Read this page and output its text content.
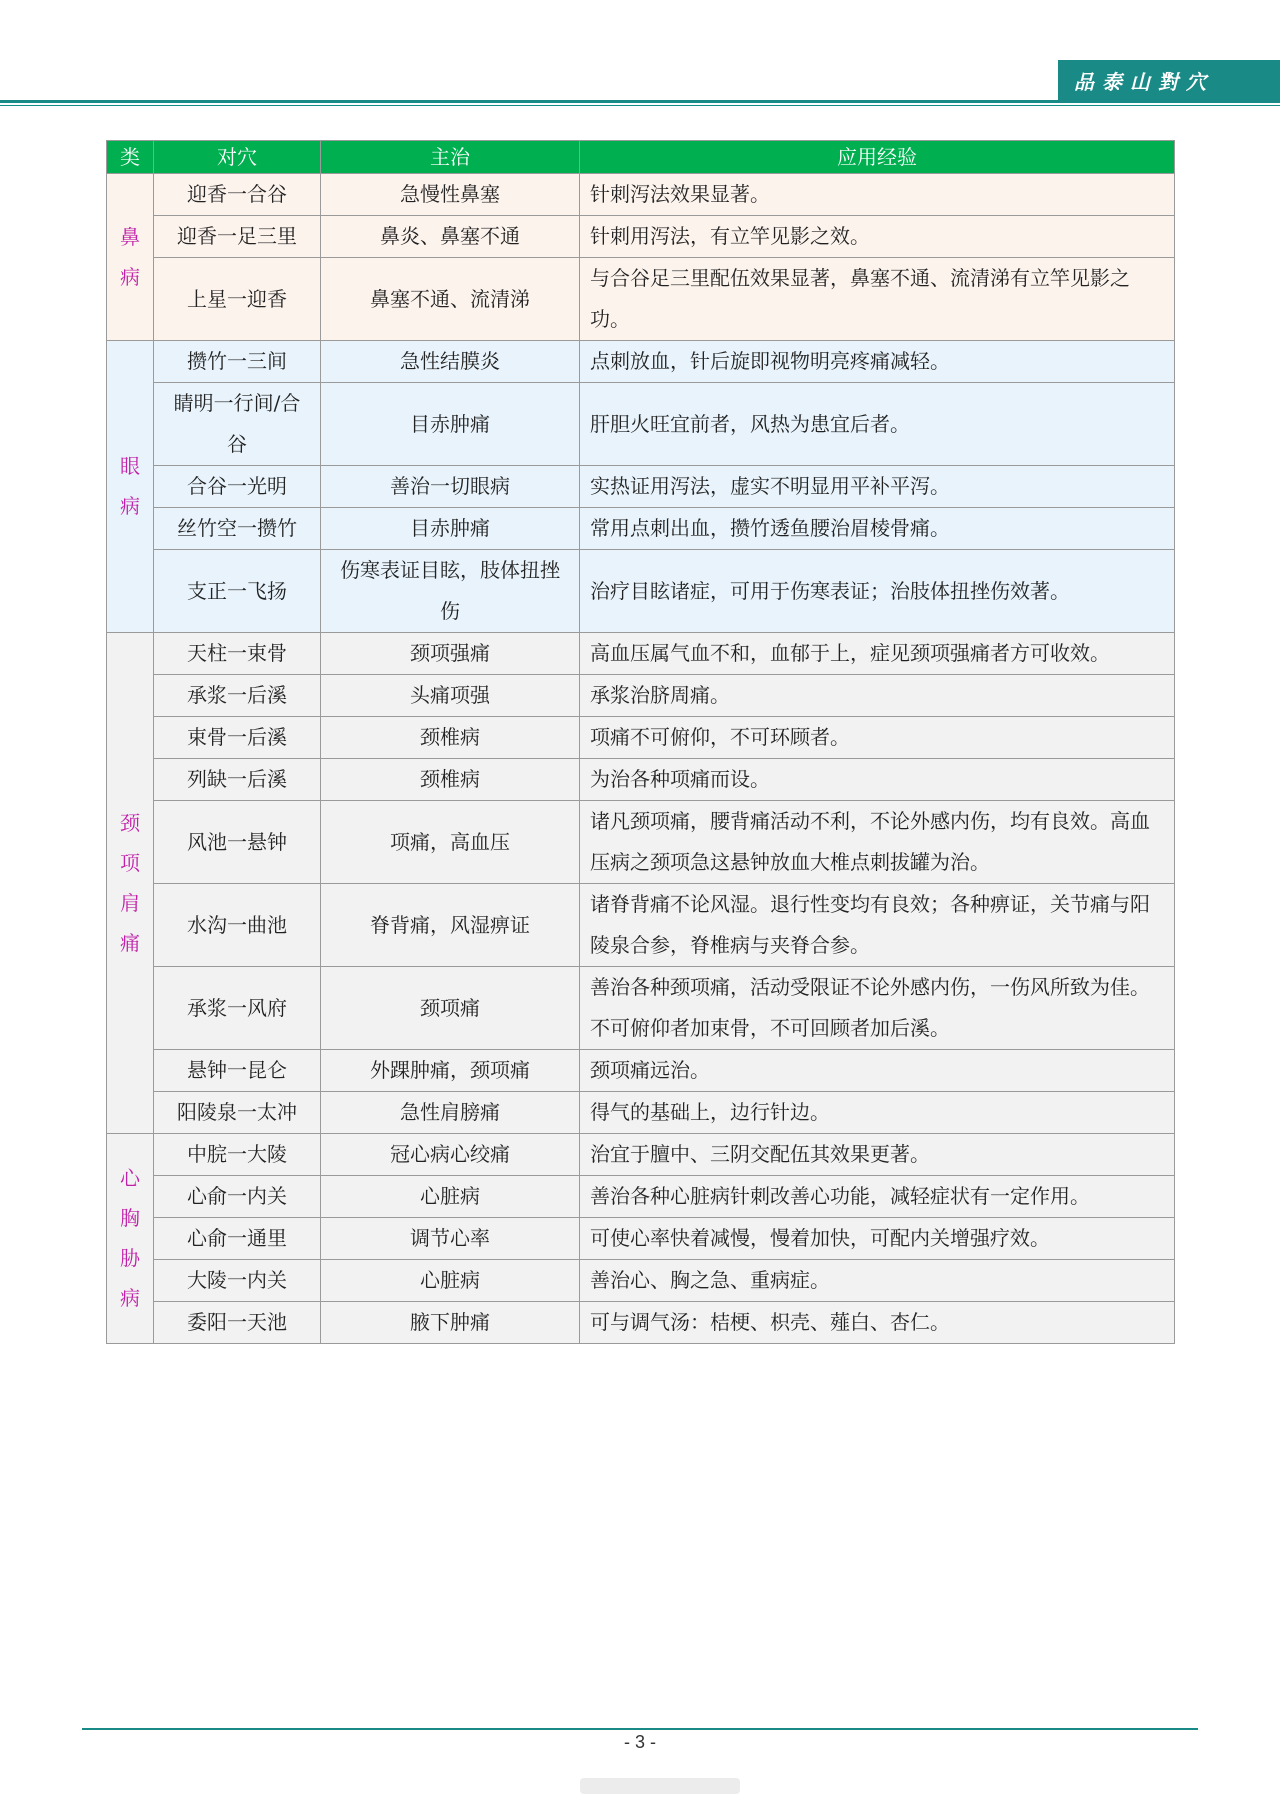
品泰山對穴
类	对穴	主治	应用经验
鼻病	迎香一合谷	急慢性鼻塞	针刺泻法效果显著。
	迎香一足三里	鼻炎、鼻塞不通	针刺用泻法，有立竿见影之效。
	上星一迎香	鼻塞不通、流清涕	与合谷足三里配伍效果显著，鼻塞不通、流清涕有立竿见影之功。
眼病	攒竹一三间	急性结膜炎	点刺放血，针后旋即视物明亮疼痛减轻。
	睛明一行间/合谷	目赤肿痛	肝胆火旺宜前者，风热为患宜后者。
	合谷一光明	善治一切眼病	实热证用泻法，虚实不明显用平补平泻。
	丝竹空一攒竹	目赤肿痛	常用点刺出血，攒竹透鱼腰治眉棱骨痛。
	支正一飞扬	伤寒表证目眩，肢体扭挫伤	治疗目眩诸症，可用于伤寒表证；治肢体扭挫伤效著。
颈项肩痛	天柱一束骨	颈项强痛	高血压属气血不和，血郁于上，症见颈项强痛者方可收效。
	承浆一后溪	头痛项强	承浆治脐周痛。
	束骨一后溪	颈椎病	项痛不可俯仰，不可环顾者。
	列缺一后溪	颈椎病	为治各种项痛而设。
	风池一悬钟	项痛，高血压	诸凡颈项痛，腰背痛活动不利，不论外感内伤，均有良效。高血压病之颈项急这悬钟放血大椎点刺拔罐为治。
	水沟一曲池	脊背痛，风湿痹证	诸脊背痛不论风湿。退行性变均有良效；各种痹证，关节痛与阳陵泉合参，脊椎病与夹脊合参。
	承浆一风府	颈项痛	善治各种颈项痛，活动受限证不论外感内伤，一伤风所致为佳。不可俯仰者加束骨，不可回顾者加后溪。
	悬钟一昆仑	外踝肿痛，颈项痛	颈项痛远治。
	阳陵泉一太冲	急性肩膀痛	得气的基础上，边行针边。
心胸胁病	中脘一大陵	冠心病心绞痛	治宜于膻中、三阴交配伍其效果更著。
	心俞一内关	心脏病	善治各种心脏病针刺改善心功能，减轻症状有一定作用。
	心俞一通里	调节心率	可使心率快着减慢，慢着加快，可配内关增强疗效。
	大陵一内关	心脏病	善治心、胸之急、重病症。
	委阳一天池	腋下肿痛	可与调气汤：桔梗、枳壳、薤白、杏仁。
- 3 -
